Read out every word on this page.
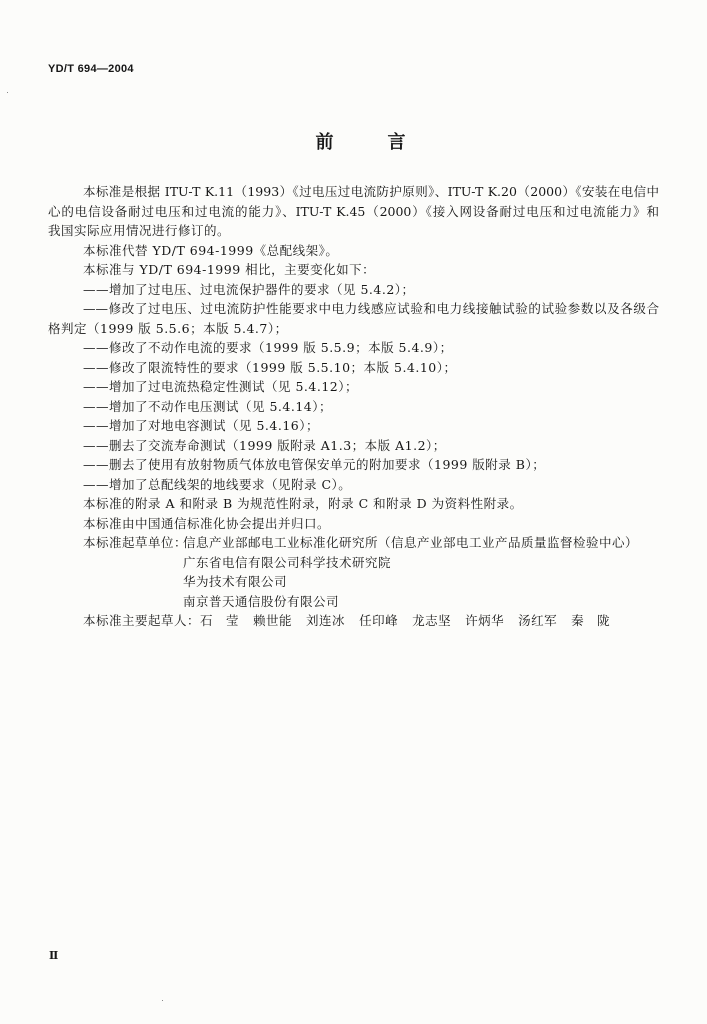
YD/T 694—2004
前　　言
本标准是根据 ITU-T K.11（1993）《过电压过电流防护原则》、ITU-T K.20（2000）《安装在电信中
心的电信设备耐过电压和过电流的能力》、ITU-T K.45（2000）《接入网设备耐过电压和过电流能力》和
我国实际应用情况进行修订的。
本标准代替 YD/T 694-1999《总配线架》。
本标准与 YD/T 694-1999 相比，主要变化如下：
——增加了过电压、过电流保护器件的要求（见 5.4.2）；
——修改了过电压、过电流防护性能要求中电力线感应试验和电力线接触试验的试验参数以及各级合
格判定（1999 版 5.5.6；本版 5.4.7）；
——修改了不动作电流的要求（1999 版 5.5.9；本版 5.4.9）；
——修改了限流特性的要求（1999 版 5.5.10；本版 5.4.10）；
——增加了过电流热稳定性测试（见 5.4.12）；
——增加了不动作电压测试（见 5.4.14）；
——增加了对地电容测试（见 5.4.16）；
——删去了交流寿命测试（1999 版附录 A1.3；本版 A1.2）；
——删去了使用有放射物质气体放电管保安单元的附加要求（1999 版附录 B）；
——增加了总配线架的地线要求（见附录 C）。
本标准的附录 A 和附录 B 为规范性附录，附录 C 和附录 D 为资料性附录。
本标准由中国通信标准化协会提出并归口。
本标准起草单位：
信息产业部邮电工业标准化研究所（信息产业部电工业产品质量监督检验中心）
广东省电信有限公司科学技术研究院
华为技术有限公司
南京普天通信股份有限公司
本标准主要起草人：石　莹 赖世能 刘连冰 任印峰 龙志坚 许炳华 汤红军 秦　陇
Ⅱ
